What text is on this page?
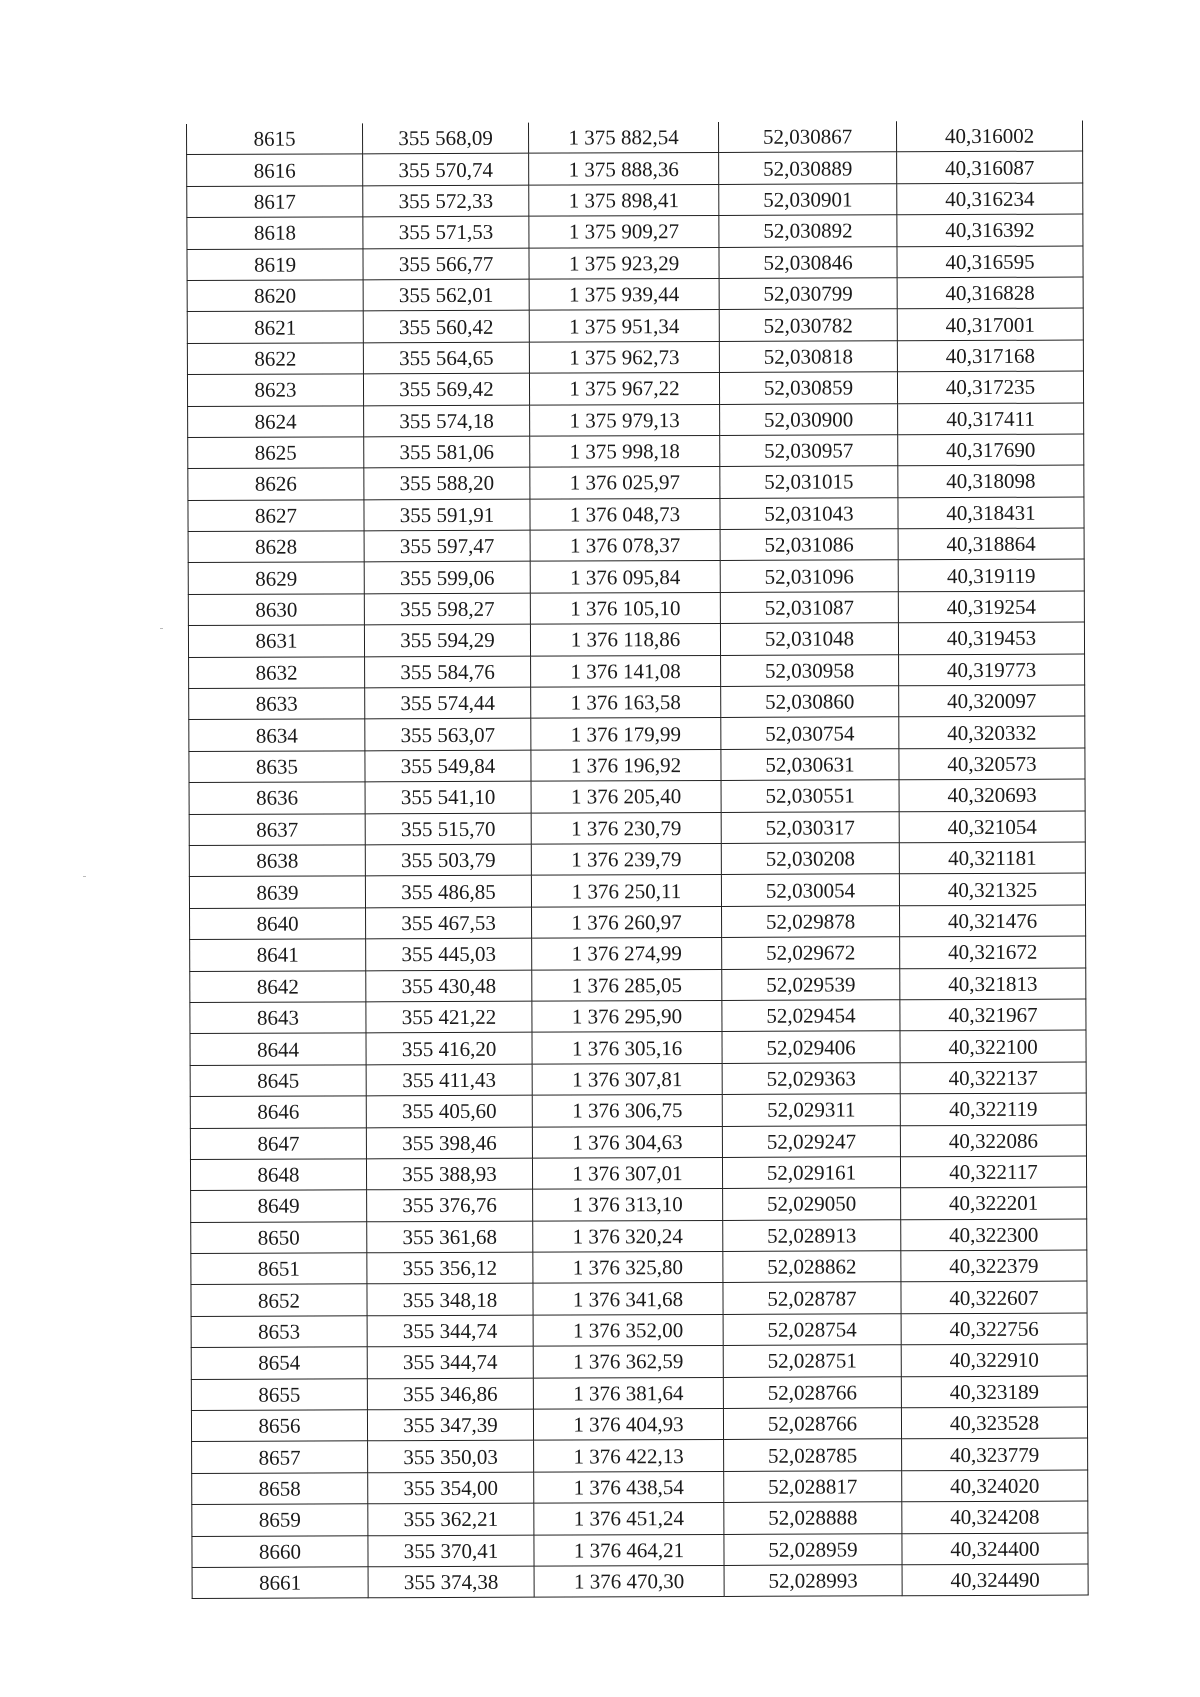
8615	355 568,09	1 375 882,54	52,030867	40,316002
8616	355 570,74	1 375 888,36	52,030889	40,316087
8617	355 572,33	1 375 898,41	52,030901	40,316234
8618	355 571,53	1 375 909,27	52,030892	40,316392
8619	355 566,77	1 375 923,29	52,030846	40,316595
8620	355 562,01	1 375 939,44	52,030799	40,316828
8621	355 560,42	1 375 951,34	52,030782	40,317001
8622	355 564,65	1 375 962,73	52,030818	40,317168
8623	355 569,42	1 375 967,22	52,030859	40,317235
8624	355 574,18	1 375 979,13	52,030900	40,317411
8625	355 581,06	1 375 998,18	52,030957	40,317690
8626	355 588,20	1 376 025,97	52,031015	40,318098
8627	355 591,91	1 376 048,73	52,031043	40,318431
8628	355 597,47	1 376 078,37	52,031086	40,318864
8629	355 599,06	1 376 095,84	52,031096	40,319119
8630	355 598,27	1 376 105,10	52,031087	40,319254
8631	355 594,29	1 376 118,86	52,031048	40,319453
8632	355 584,76	1 376 141,08	52,030958	40,319773
8633	355 574,44	1 376 163,58	52,030860	40,320097
8634	355 563,07	1 376 179,99	52,030754	40,320332
8635	355 549,84	1 376 196,92	52,030631	40,320573
8636	355 541,10	1 376 205,40	52,030551	40,320693
8637	355 515,70	1 376 230,79	52,030317	40,321054
8638	355 503,79	1 376 239,79	52,030208	40,321181
8639	355 486,85	1 376 250,11	52,030054	40,321325
8640	355 467,53	1 376 260,97	52,029878	40,321476
8641	355 445,03	1 376 274,99	52,029672	40,321672
8642	355 430,48	1 376 285,05	52,029539	40,321813
8643	355 421,22	1 376 295,90	52,029454	40,321967
8644	355 416,20	1 376 305,16	52,029406	40,322100
8645	355 411,43	1 376 307,81	52,029363	40,322137
8646	355 405,60	1 376 306,75	52,029311	40,322119
8647	355 398,46	1 376 304,63	52,029247	40,322086
8648	355 388,93	1 376 307,01	52,029161	40,322117
8649	355 376,76	1 376 313,10	52,029050	40,322201
8650	355 361,68	1 376 320,24	52,028913	40,322300
8651	355 356,12	1 376 325,80	52,028862	40,322379
8652	355 348,18	1 376 341,68	52,028787	40,322607
8653	355 344,74	1 376 352,00	52,028754	40,322756
8654	355 344,74	1 376 362,59	52,028751	40,322910
8655	355 346,86	1 376 381,64	52,028766	40,323189
8656	355 347,39	1 376 404,93	52,028766	40,323528
8657	355 350,03	1 376 422,13	52,028785	40,323779
8658	355 354,00	1 376 438,54	52,028817	40,324020
8659	355 362,21	1 376 451,24	52,028888	40,324208
8660	355 370,41	1 376 464,21	52,028959	40,324400
8661	355 374,38	1 376 470,30	52,028993	40,324490
